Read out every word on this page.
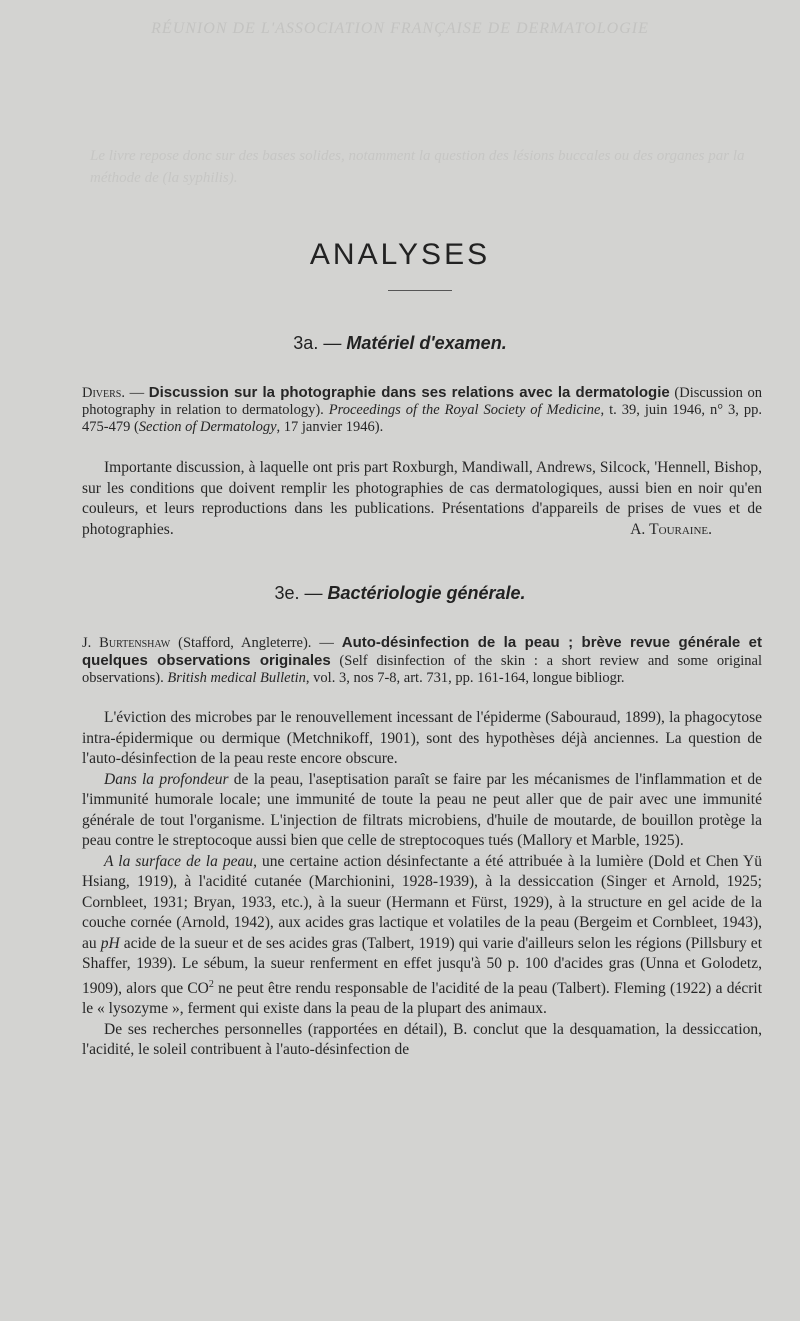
RÉUNION DE L'ASSOCIATION FRANÇAISE DE DERMATOLOGIE
Le livre repose donc sur des bases solides, notamment la question des lésions buccales ou des organes par la méthode de (la syphilis).
ANALYSES
3a. — Matériel d'examen.
Divers. — Discussion sur la photographie dans ses relations avec la dermatologie (Discussion on photography in relation to dermatology). Proceedings of the Royal Society of Medicine, t. 39, juin 1946, n° 3, pp. 475-479 (Section of Dermatology, 17 janvier 1946).

Importante discussion, à laquelle ont pris part Roxburgh, Mandiwall, Andrews, Silcock, 'Hennell, Bishop, sur les conditions que doivent remplir les photographies de cas dermatologiques, aussi bien en noir qu'en couleurs, et leurs reproductions dans les publications. Présentations d'appareils de prises de vues et de photographies.	A. Touraine.
3e. — Bactériologie générale.
J. Burtenshaw (Stafford, Angleterre). — Auto-désinfection de la peau ; brève revue générale et quelques observations originales (Self disinfection of the skin : a short review and some original observations). British medical Bulletin, vol. 3, nos 7-8, art. 731, pp. 161-164, longue bibliogr.

L'éviction des microbes par le renouvellement incessant de l'épiderme (Sabouraud, 1899), la phagocytose intra-épidermique ou dermique (Metchnikoff, 1901), sont des hypothèses déjà anciennes. La question de l'auto-désinfection de la peau reste encore obscure.

Dans la profondeur de la peau, l'aseptisation paraît se faire par les mécanismes de l'inflammation et de l'immunité humorale locale; une immunité de toute la peau ne peut aller que de pair avec une immunité générale de tout l'organisme. L'injection de filtrats microbiens, d'huile de moutarde, de bouillon protège la peau contre le streptocoque aussi bien que celle de streptocoques tués (Mallory et Marble, 1925).

A la surface de la peau, une certaine action désinfectante a été attribuée à la lumière (Dold et Chen Yü Hsiang, 1919), à l'acidité cutanée (Marchionini, 1928-1939), à la dessiccation (Singer et Arnold, 1925; Cornbleet, 1931; Bryan, 1933, etc.), à la sueur (Hermann et Fürst, 1929), à la structure en gel acide de la couche cornée (Arnold, 1942), aux acides gras lactique et volatiles de la peau (Bergeim et Cornbleet, 1943), au pH acide de la sueur et de ses acides gras (Talbert, 1919) qui varie d'ailleurs selon les régions (Pillsbury et Shaffer, 1939). Le sébum, la sueur renferment en effet jusqu'à 50 p. 100 d'acides gras (Unna et Golodetz, 1909), alors que $CO^2$ ne peut être rendu responsable de l'acidité de la peau (Talbert). Fleming (1922) a décrit le « lysozyme », ferment qui existe dans la peau de la plupart des animaux.

De ses recherches personnelles (rapportées en détail), B. conclut que la desquamation, la dessiccation, l'acidité, le soleil contribuent à l'auto-désinfection de
